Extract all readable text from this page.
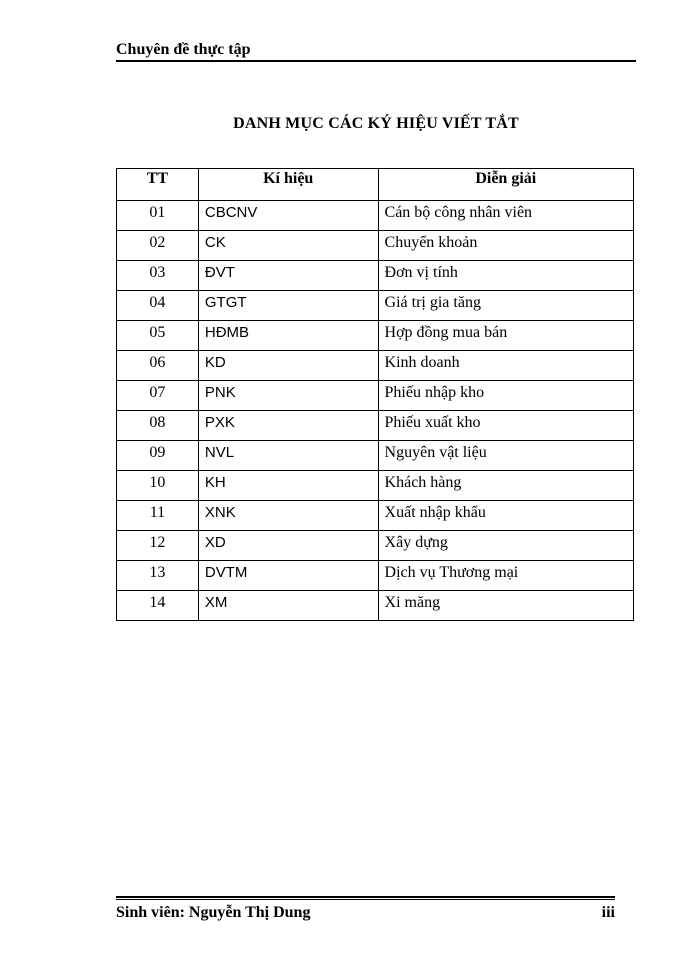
Chuyên đề thực tập
DANH MỤC CÁC KÝ HIỆU VIẾT TẮT
TT	Kí hiệu	Diễn giải
01	CBCNV	Cán bộ công nhân viên
02	CK	Chuyển khoản
03	ĐVT	Đơn vị tính
04	GTGT	Giá trị gia tăng
05	HĐMB	Hợp đồng mua bán
06	KD	Kinh doanh
07	PNK	Phiếu nhập kho
08	PXK	Phiếu xuất kho
09	NVL	Nguyên vật liệu
10	KH	Khách hàng
11	XNK	Xuất nhập khẩu
12	XD	Xây dựng
13	DVTM	Dịch vụ Thương mại
14	XM	Xi măng
Sinh viên: Nguyễn Thị Dung	iii
